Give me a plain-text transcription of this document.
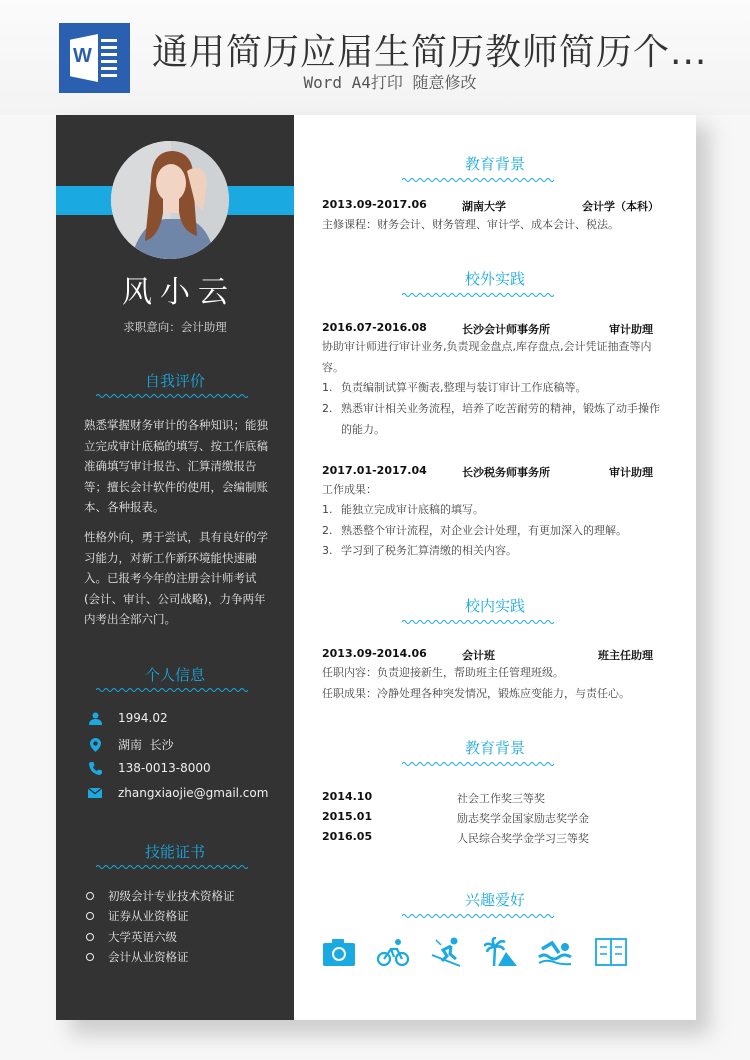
W 通用简历应届生简历教师简历个...
Word A4打印 随意修改
风小云
求职意向：会计助理
自我评价
熟悉掌握财务审计的各种知识；能独立完成审计底稿的填写、按工作底稿准确填写审计报告、汇算清缴报告等；擅长会计软件的使用，会编制账本、各种报表。
性格外向，勇于尝试，具有良好的学习能力，对新工作新环境能快速融入。已报考今年的注册会计师考试(会计、审计、公司战略)，力争两年内考出全部六门。
个人信息
1994.02
湖南  长沙
138-0013-8000
zhangxiaojie@gmail.com
技能证书
初级会计专业技术资格证
证券从业资格证
大学英语六级
会计从业资格证
教育背景
2013.09-2017.06	湖南大学	会计学（本科）
主修课程：财务会计、财务管理、审计学、成本会计、税法。
校外实践
2016.07-2016.08	长沙会计师事务所	审计助理
协助审计师进行审计业务,负责现金盘点,库存盘点,会计凭证抽查等内容。
1. 负责编制试算平衡表,整理与装订审计工作底稿等。
2. 熟悉审计相关业务流程，培养了吃苦耐劳的精神，锻炼了动手操作的能力。
2017.01-2017.04	长沙税务师事务所	审计助理
工作成果：
1. 能独立完成审计底稿的填写。
2. 熟悉整个审计流程，对企业会计处理，有更加深入的理解。
3. 学习到了税务汇算清缴的相关内容。
校内实践
2013.09-2014.06	会计班	班主任助理
任职内容：负责迎接新生，帮助班主任管理班级。
任职成果：冷静处理各种突发情况，锻炼应变能力，与责任心。
教育背景
2014.10	社会工作奖三等奖
2015.01	励志奖学金国家励志奖学金
2016.05	人民综合奖学金学习三等奖
兴趣爱好
